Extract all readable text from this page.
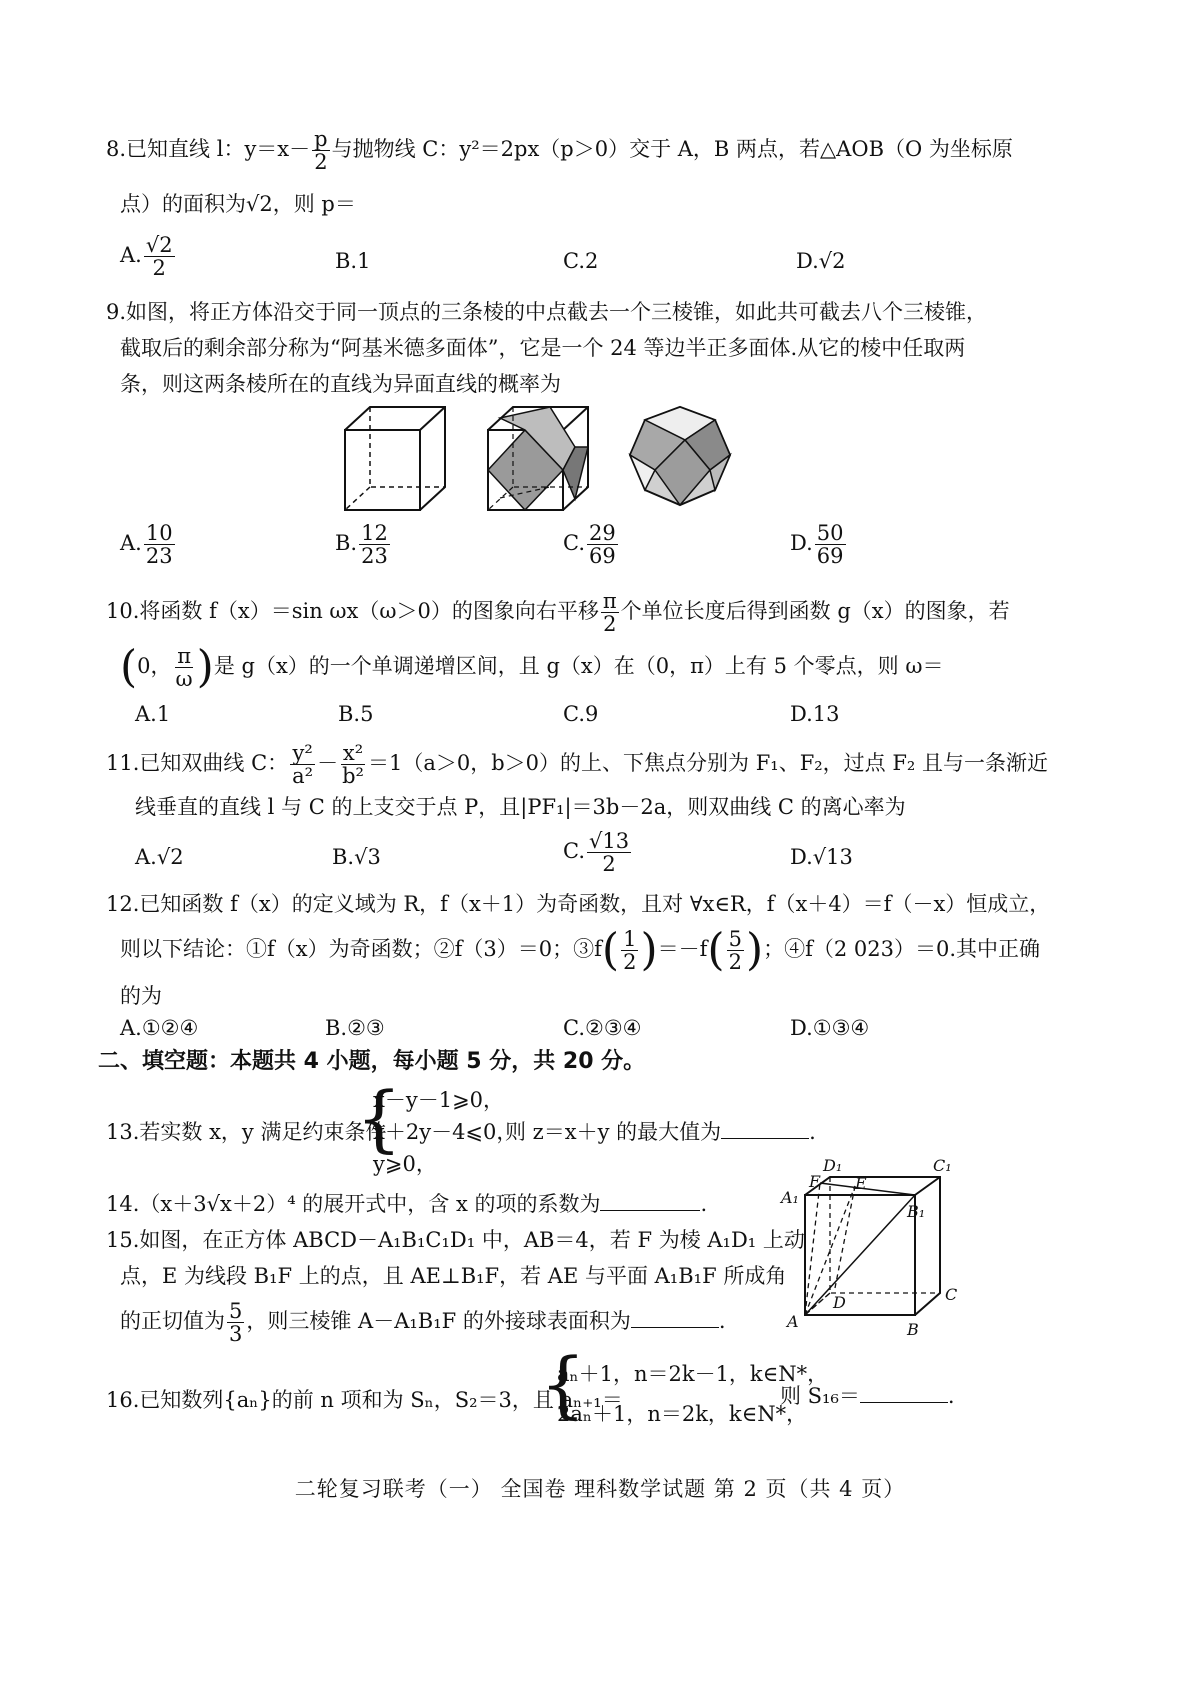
8.已知直线 l：$y=x- \frac{p}{2}$ 与抛物线 C：y²＝2px（p＞0）交于 A，B 两点，若△AOB（O 为坐标原
点）的面积为√2，则 p＝
A. $\frac{√2}{2}$	B.1	C.2	D.√2
9.如图，将正方体沿交于同一顶点的三条棱的中点截去一个三棱锥，如此共可截去八个三棱锥，
截取后的剩余部分称为“阿基米德多面体”，它是一个 24 等边半正多面体.从它的棱中任取两
条，则这两条棱所在的直线为异面直线的概率为
A. $\frac{10}{23}$	B. $\frac{12}{23}$	C. $\frac{29}{69}$	D. $\frac{50}{69}$
10.将函数 f（x）＝sin ωx（ω＞0）的图象向右平移 $\frac{\pi}{2}$ 个单位长度后得到函数 g（x）的图象，若
(0， $\frac{\pi}{\omega}$ )是 g（x）的一个单调递增区间，且 g（x）在（0，π）上有 5 个零点，则 ω＝
A.1	B.5	C.9	D.13
11.已知双曲线 C： $\frac{\text{y²}}{\text{a²}} - \frac{\text{x²}}{\text{b²}} =1(a>0$，b＞0）的上、下焦点分别为 F₁、F₂，过点 F₂ 且与一条渐近
线垂直的直线 l 与 C 的上支交于点 P，且|PF₁|＝3b－2a，则双曲线 C 的离心率为
A.√2	B.√3	C. $\frac{√13}{2}$	D.√13
12.已知函数 f（x）的定义域为 R，f（x＋1）为奇函数，且对 ∀x∈R，f（x＋4）＝f（－x）恒成立，
则以下结论：①f（x）为奇函数；②f（3）＝0；③f( $\frac{1}{2} )=-f( \frac{5}{2}$ )；④f（2 023）＝0.其中正确
的为
A.①②④	B.②③	C.②③④	D.①③④
二、填空题：本题共 4 小题，每小题 5 分，共 20 分。
13.若实数 x，y 满足约束条件
{
x－y－1⩾0，
x＋2y－4⩽0，
y⩾0，
则 z＝x＋y 的最大值为	.
14.（x＋3√x＋2）⁴ 的展开式中，含 x 的项的系数为	.
15.如图，在正方体 ABCD－A₁B₁C₁D₁ 中，AB＝4，若 F 为棱 A₁D₁ 上动
点，E 为线段 B₁F 上的点，且 AE⊥B₁F，若 AE 与平面 A₁B₁F 所成角
的正切值为 $\frac{5}{3}$ ，则三棱锥 A－A₁B₁F 的外接球表面积为	.
D₁	C₁
F E
A₁
B₁
D	C
A	B
16.已知数列{aₙ}的前 n 项和为 Sₙ，S₂＝3，且 aₙ₊₁＝
{
aₙ＋1，n＝2k－1，k∈N*，
2aₙ＋1，n＝2k，k∈N*，
则 S₁₆＝	.
二轮复习联考（一） 全国卷 理科数学试题 第 2 页（共 4 页）
